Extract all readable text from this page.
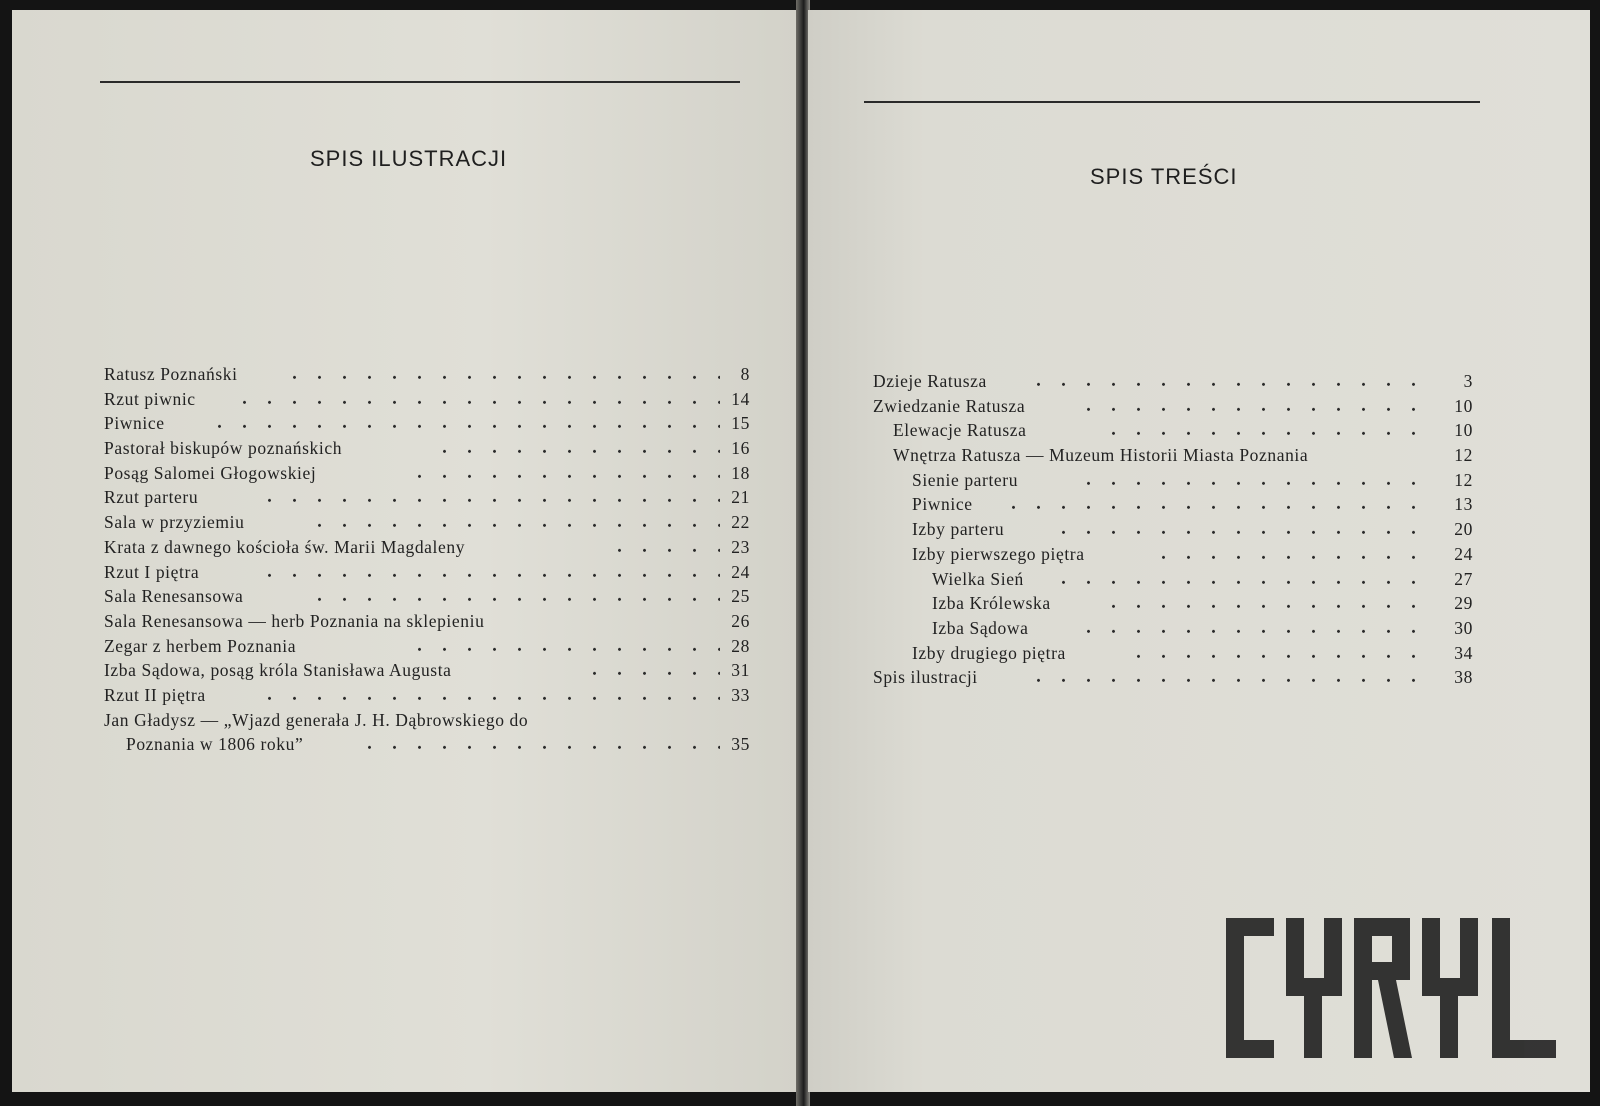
SPIS ILUSTRACJI
Ratusz Poznański	8
Rzut piwnic	14
Piwnice	15
Pastorał biskupów poznańskich	16
Posąg Salomei Głogowskiej	18
Rzut parteru	21
Sala w przyziemiu	22
Krata z dawnego kościoła św. Marii Magdaleny	23
Rzut I piętra	24
Sala Renesansowa	25
Sala Renesansowa — herb Poznania na sklepieniu	26
Zegar z herbem Poznania	28
Izba Sądowa, posąg króla Stanisława Augusta	31
Rzut II piętra	33
Jan Gładysz — „Wjazd generała J. H. Dąbrowskiego do
Poznania w 1806 roku”	35
SPIS TREŚCI
Dzieje Ratusza	3
Zwiedzanie Ratusza	10
Elewacje Ratusza	10
Wnętrza Ratusza — Muzeum Historii Miasta Poznania	12
Sienie parteru	12
Piwnice	13
Izby parteru	20
Izby pierwszego piętra	24
Wielka Sień	27
Izba Królewska	29
Izba Sądowa	30
Izby drugiego piętra	34
Spis ilustracji	38
